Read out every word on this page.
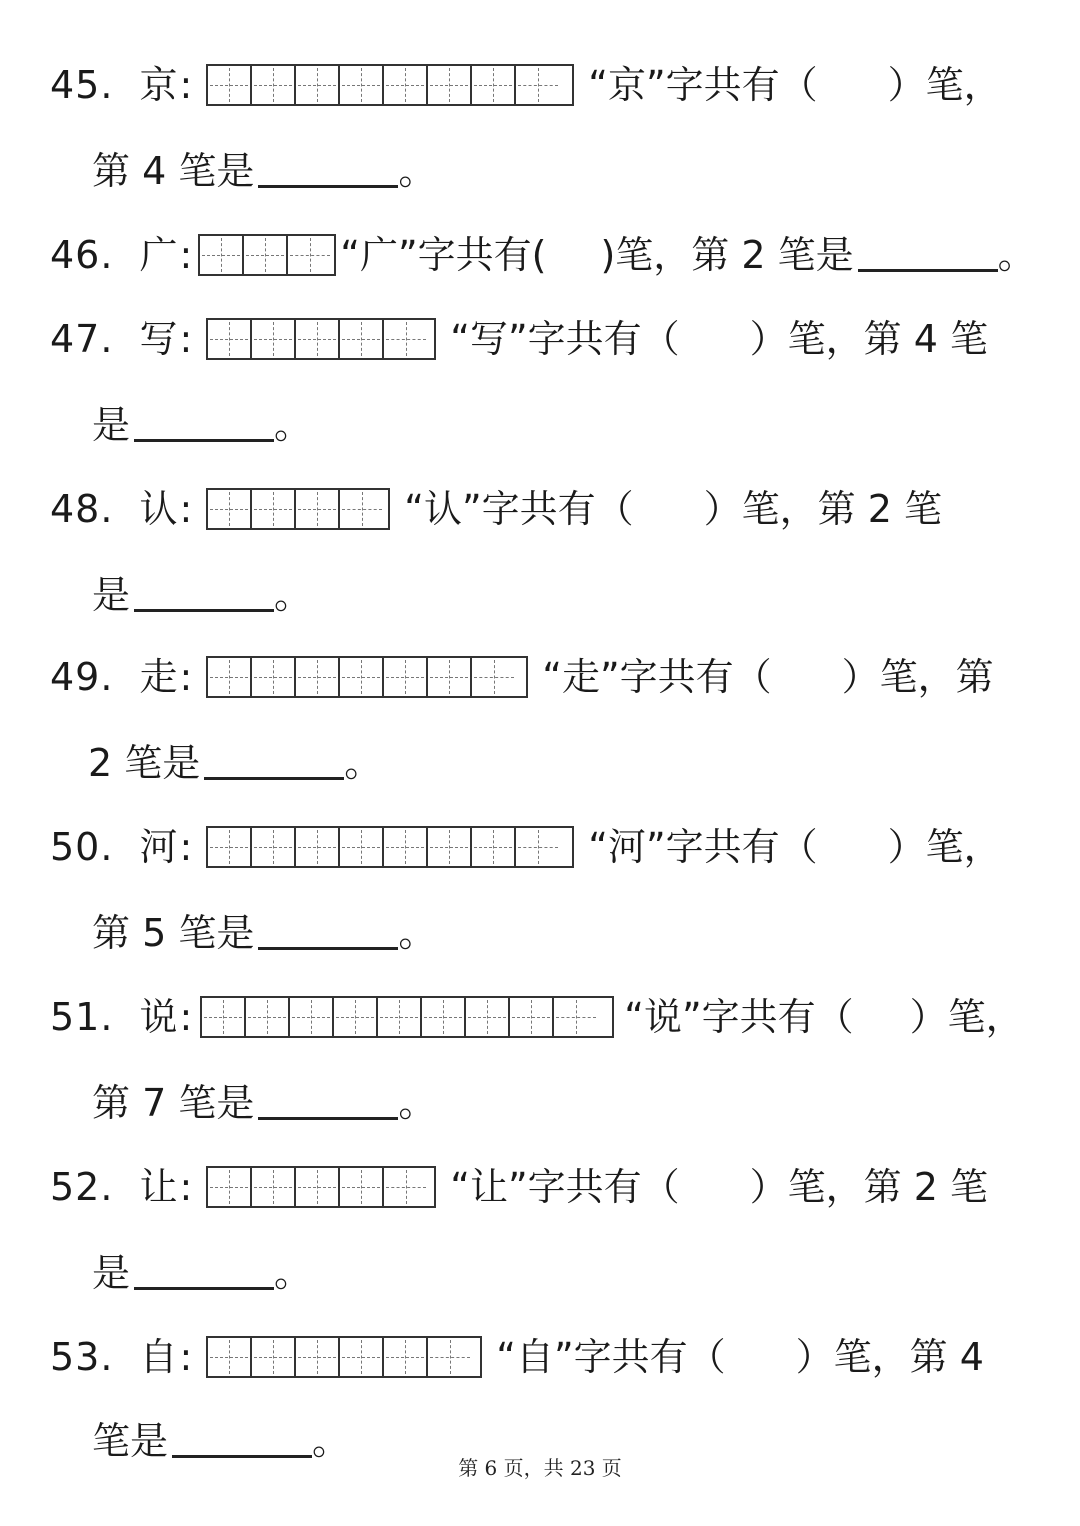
45. 京 :	“京”字共有（ ）笔，
第 4 笔是	。
46. 广 :	“广”字共有( )笔，第 2 笔是	。
47. 写 :	“写”字共有（ ）笔，第 4 笔
是	。
48. 认 :	“认”字共有（ ）笔，第 2 笔
是	。
49. 走 :	“走”字共有（ ）笔，第
2 笔是	。
50. 河 :	“河”字共有（ ）笔，
第 5 笔是	。
51. 说 :	“说”字共有（ ）笔，
第 7 笔是	。
52. 让 :	“让”字共有（ ）笔，第 2 笔
是	。
53. 自 :	“自”字共有（ ）笔，第 4
笔是	。
第 6 页，共 23 页
